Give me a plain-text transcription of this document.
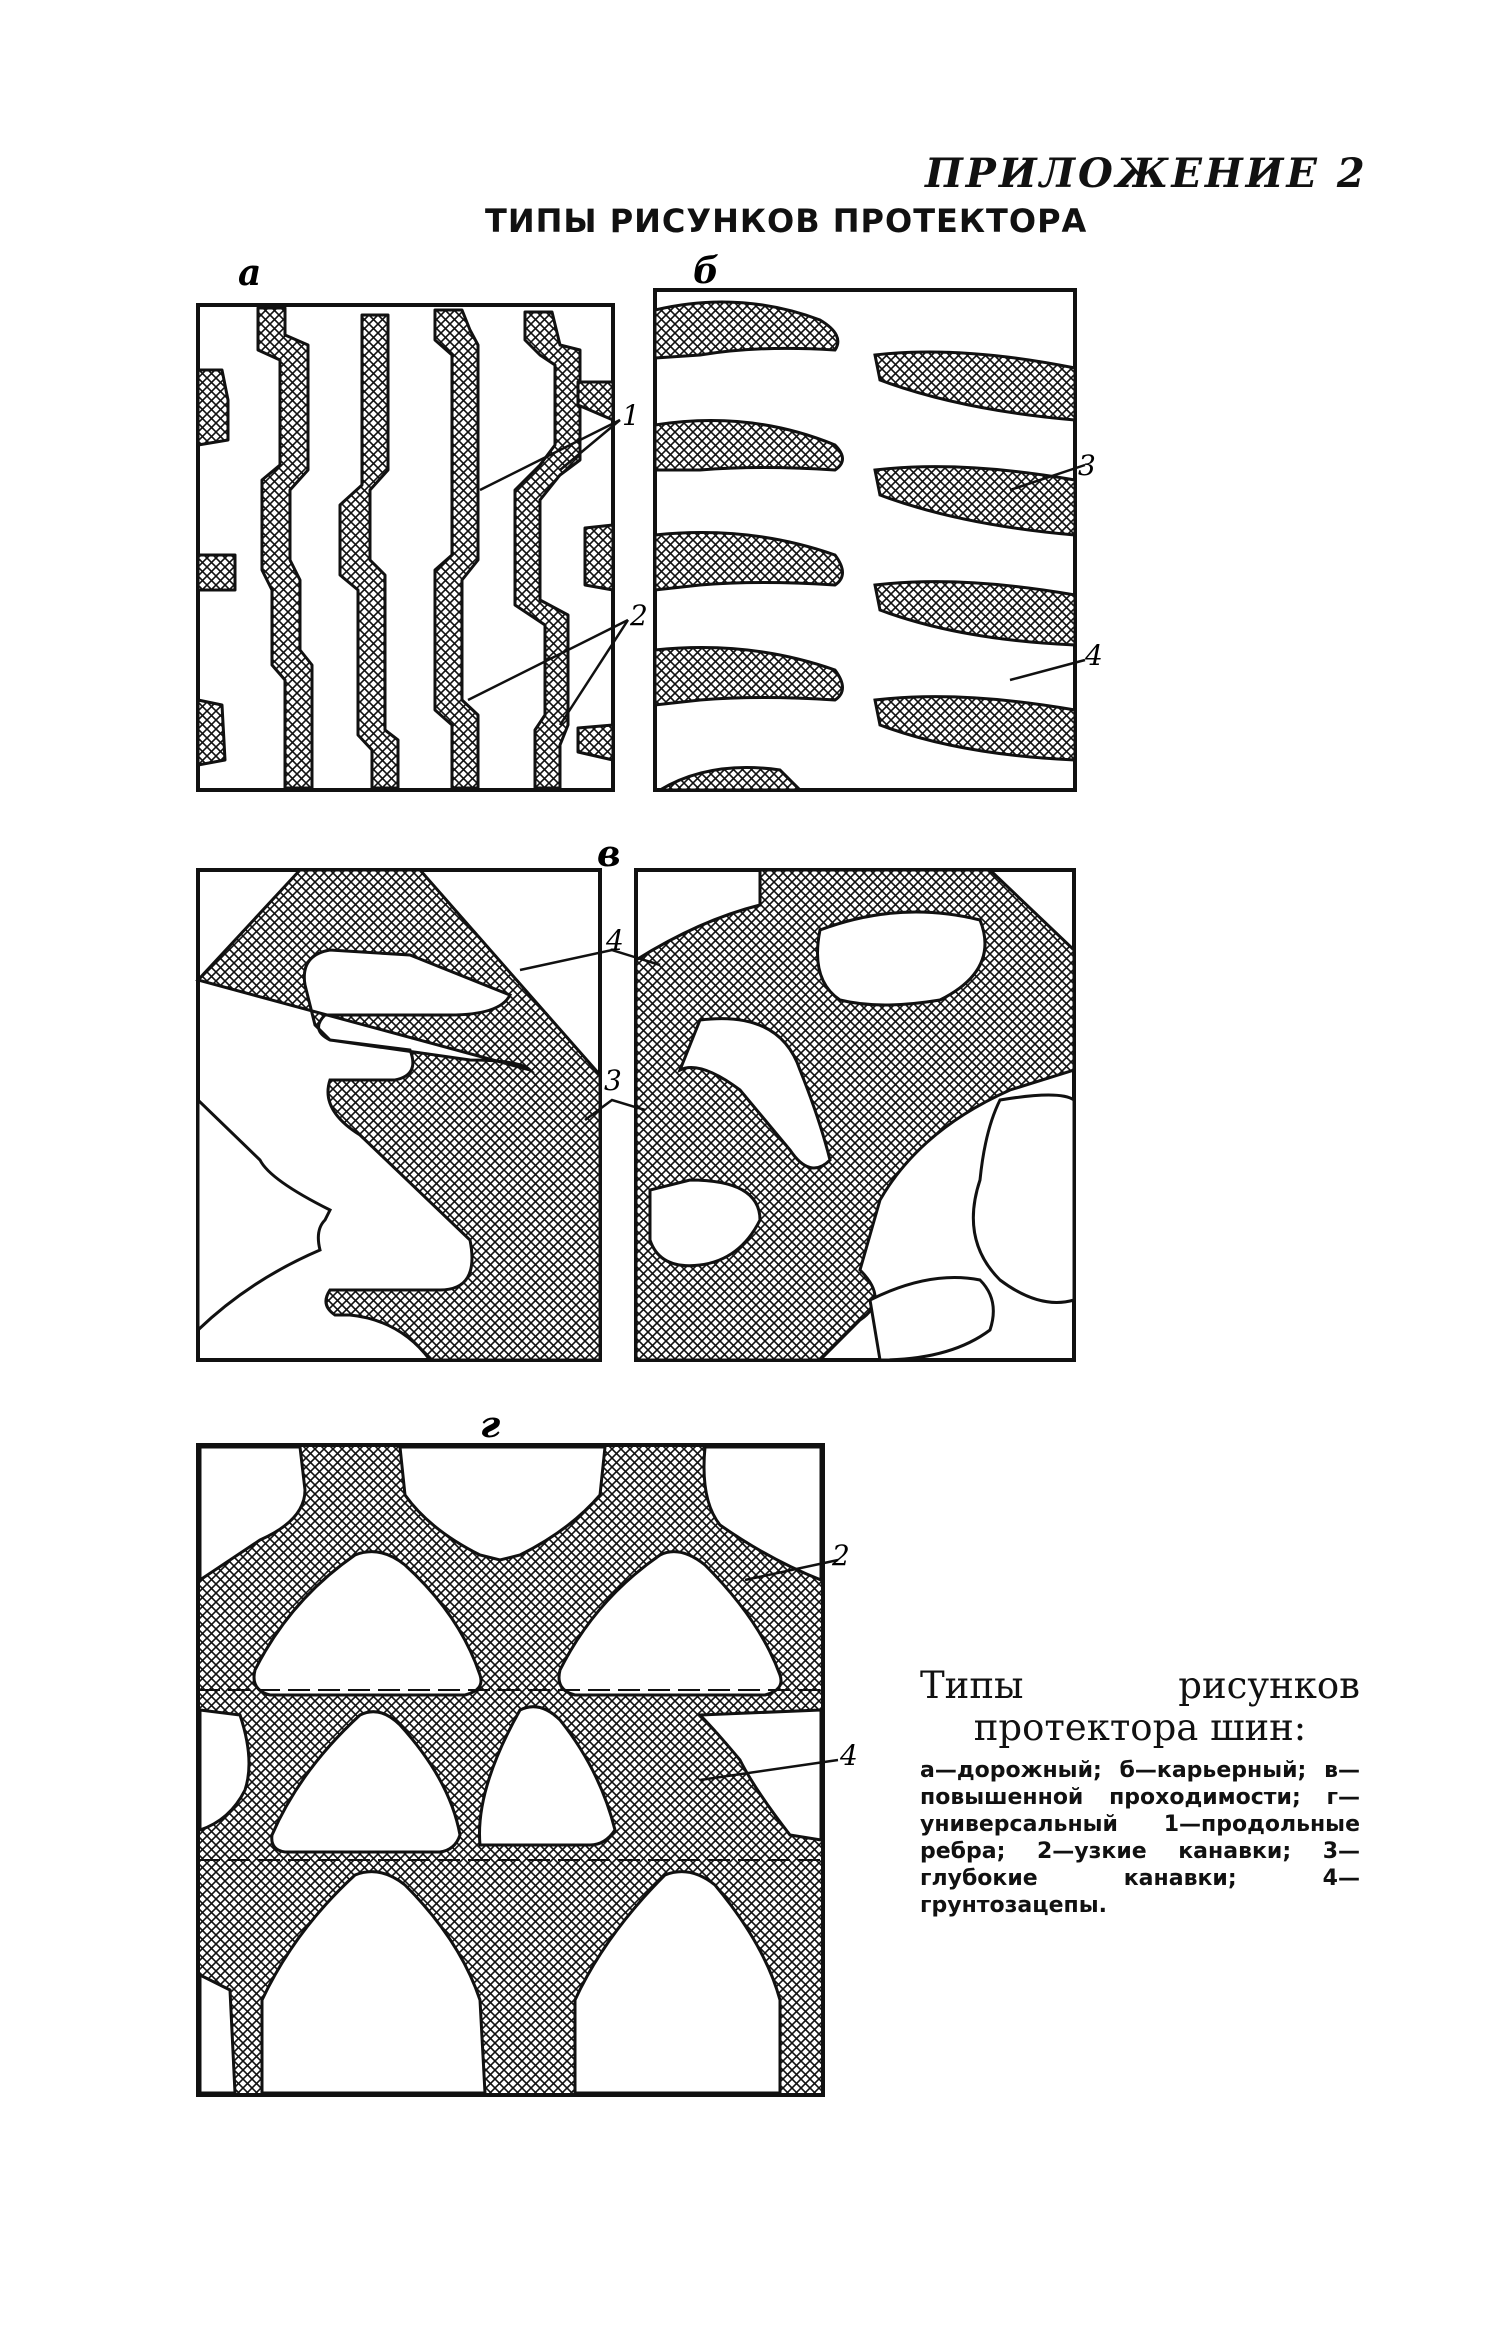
ПРИЛОЖЕНИЕ 2
ТИПЫ РИСУНКОВ ПРОТЕКТОРА
1
2
3
4
4
3
2
4
а	б
в
г
Типы рисунков протектора шин:
а—дорожный; б—карьерный; в—повышенной проходимости; г—универсальный 1—продольные ребра; 2—узкие канавки; 3—глубокие канавки; 4—грунтозацепы.
